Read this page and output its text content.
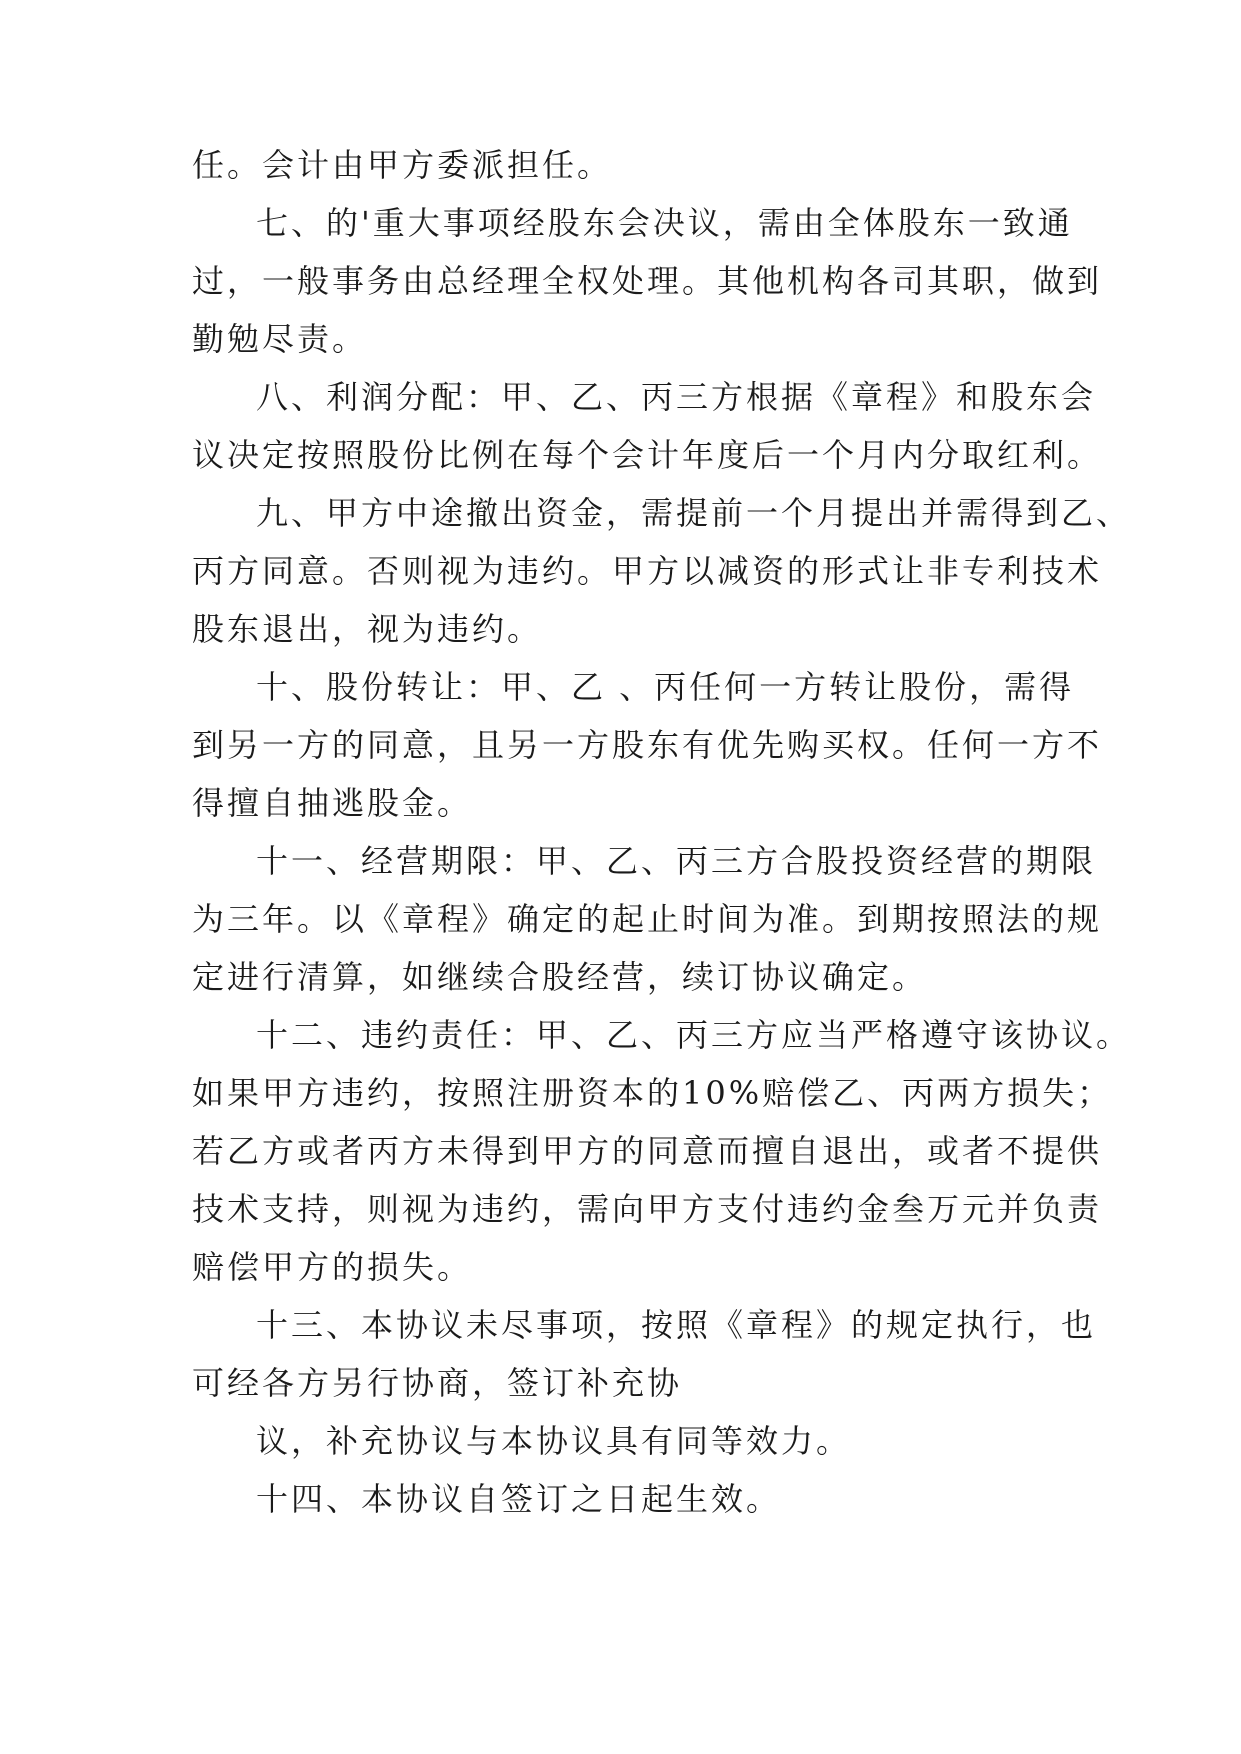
任。会计由甲方委派担任。

七、的'重大事项经股东会决议，需由全体股东一致通

过，一般事务由总经理全权处理。其他机构各司其职，做到

勤勉尽责。

八、利润分配：甲、乙、丙三方根据《章程》和股东会

议决定按照股份比例在每个会计年度后一个月内分取红利。

九、甲方中途撤出资金，需提前一个月提出并需得到乙、

丙方同意。否则视为违约。甲方以减资的形式让非专利技术

股东退出，视为违约。

十、股份转让：甲、乙 、丙任何一方转让股份，需得

到另一方的同意，且另一方股东有优先购买权。任何一方不

得擅自抽逃股金。

十一、经营期限：甲、乙、丙三方合股投资经营的期限

为三年。以《章程》确定的起止时间为准。到期按照法的规

定进行清算，如继续合股经营，续订协议确定。

十二、违约责任：甲、乙、丙三方应当严格遵守该协议。

如果甲方违约，按照注册资本的10%赔偿乙、丙两方损失；

若乙方或者丙方未得到甲方的同意而擅自退出，或者不提供

技术支持，则视为违约，需向甲方支付违约金叁万元并负责

赔偿甲方的损失。

十三、本协议未尽事项，按照《章程》的规定执行，也

可经各方另行协商，签订补充协

议，补充协议与本协议具有同等效力。

十四、本协议自签订之日起生效。
